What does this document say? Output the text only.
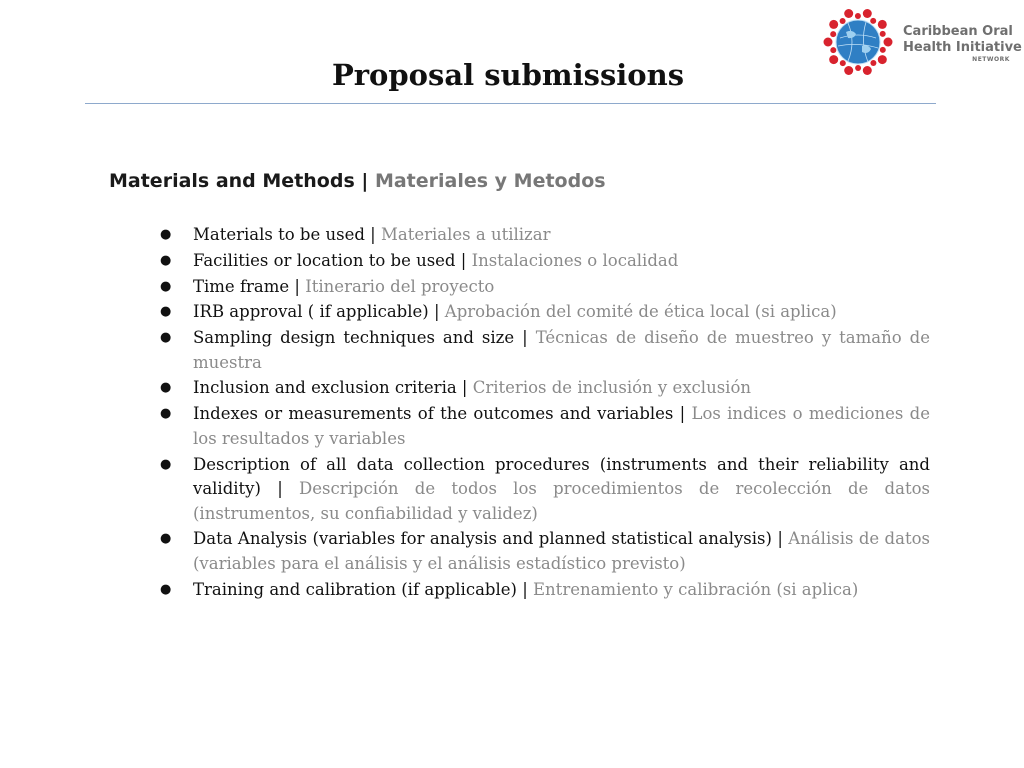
Caribbean Oral
Health Initiative
NETWORK
Proposal submissions
Materials and Methods | Materiales y Metodos
● Materials to be used | Materiales a utilizar
● Facilities or location to be used | Instalaciones o localidad
● Time frame | Itinerario del proyecto
● IRB approval ( if applicable) | Aprobación del comité de ética local (si aplica)
● Sampling design techniques and size | Técnicas de diseño de muestreo y tamaño de muestra
● Inclusion and exclusion criteria | Criterios de inclusión y exclusión
● Indexes or measurements of the outcomes and variables | Los indices o mediciones de los resultados y variables
● Description of all data collection procedures (instruments and their reliability and validity) | Descripción de todos los procedimientos de recolección de datos (instrumentos, su confiabilidad y validez)
● Data Analysis (variables for analysis and planned statistical analysis) | Análisis de datos (variables para el análisis y el análisis estadístico previsto)
● Training and calibration (if applicable) | Entrenamiento y calibración (si aplica)
